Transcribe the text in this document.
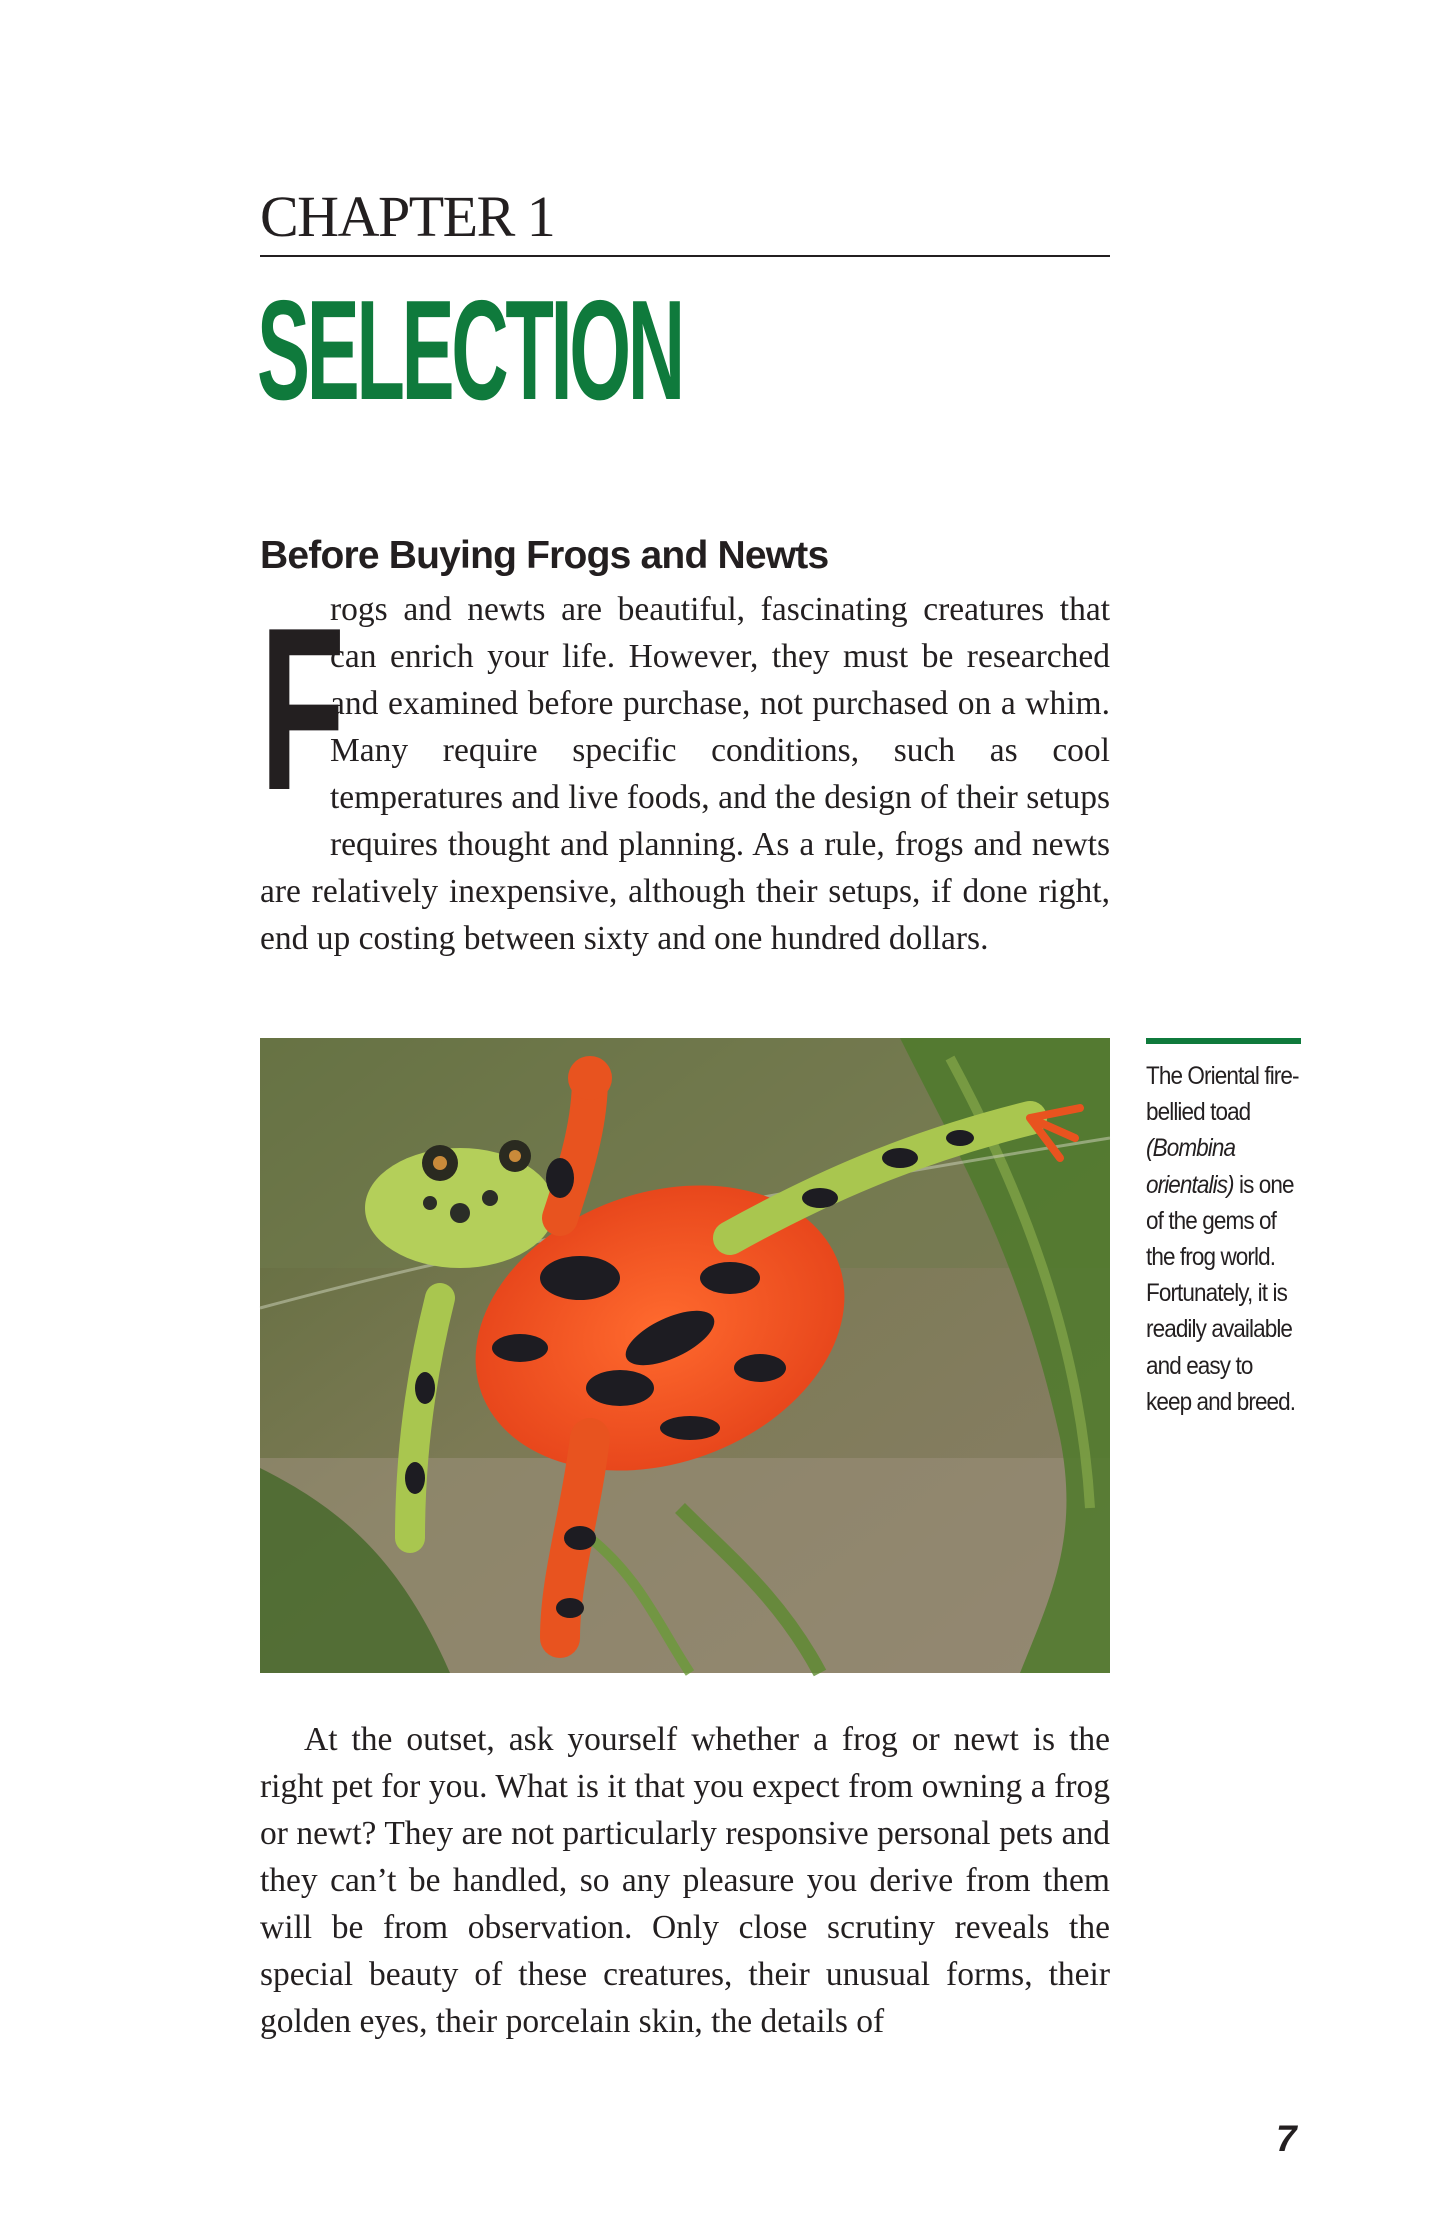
CHAPTER 1
SELECTION
Before Buying Frogs and Newts

F
rogs and newts are beautiful, fascinating creatures that can enrich your life. However, they must be researched and examined before purchase, not purchased on a whim. Many require specific conditions, such as cool temperatures and live foods, and the design of their setups requires thought and planning. As a rule, frogs and newts are relatively inexpensive, although their setups, if done right, end up costing between sixty and one hundred dollars.

The Oriental fire-bellied toad (Bombina orientalis) is one of the gems of the frog world. Fortunately, it is readily available and easy to keep and breed.

At the outset, ask yourself whether a frog or newt is the right pet for you. What is it that you expect from owning a frog or newt? They are not particularly responsive personal pets and they can’t be handled, so any pleasure you derive from them will be from observation. Only close scrutiny reveals the special beauty of these creatures, their unusual forms, their golden eyes, their porcelain skin, the details of

7
